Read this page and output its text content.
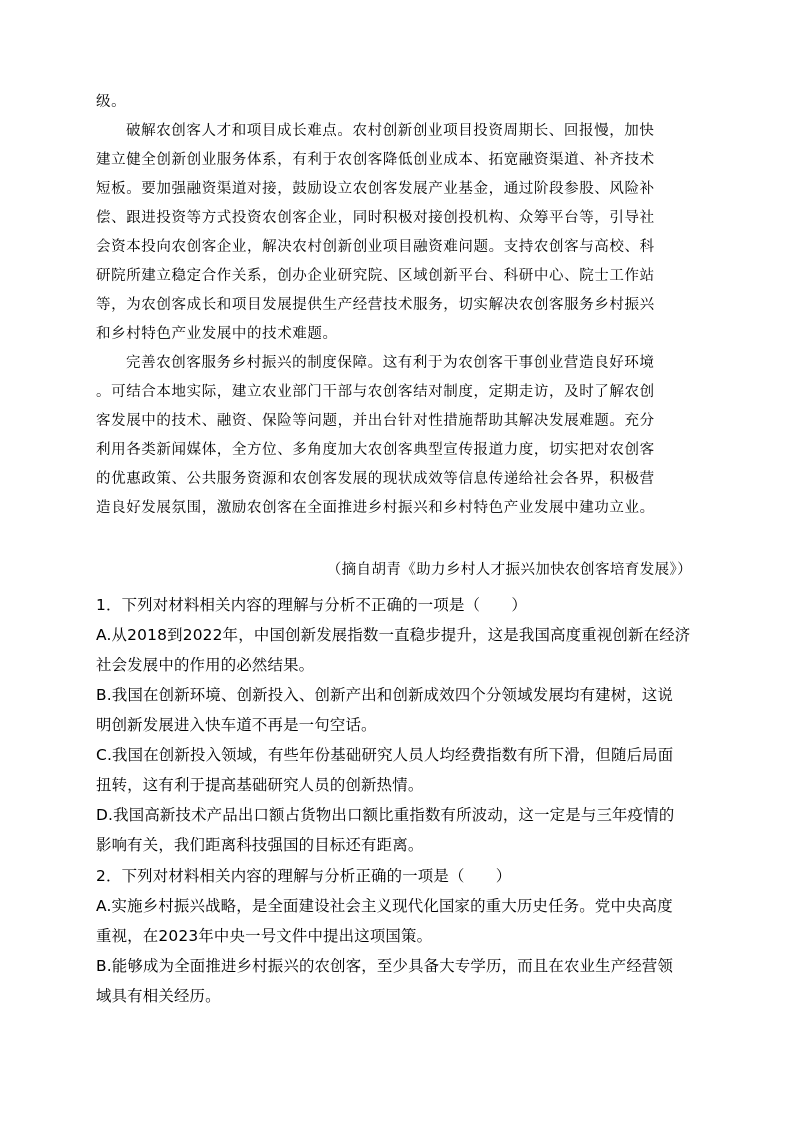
级。
破解农创客人才和项目成长难点。农村创新创业项目投资周期长、回报慢，加快
建立健全创新创业服务体系，有利于农创客降低创业成本、拓宽融资渠道、补齐技术
短板。要加强融资渠道对接，鼓励设立农创客发展产业基金，通过阶段参股、风险补
偿、跟进投资等方式投资农创客企业，同时积极对接创投机构、众筹平台等，引导社
会资本投向农创客企业，解决农村创新创业项目融资难问题。支持农创客与高校、科
研院所建立稳定合作关系，创办企业研究院、区域创新平台、科研中心、院士工作站
等，为农创客成长和项目发展提供生产经营技术服务，切实解决农创客服务乡村振兴
和乡村特色产业发展中的技术难题。
完善农创客服务乡村振兴的制度保障。这有利于为农创客干事创业营造良好环境
。可结合本地实际，建立农业部门干部与农创客结对制度，定期走访，及时了解农创
客发展中的技术、融资、保险等问题，并出台针对性措施帮助其解决发展难题。充分
利用各类新闻媒体，全方位、多角度加大农创客典型宣传报道力度，切实把对农创客
的优惠政策、公共服务资源和农创客发展的现状成效等信息传递给社会各界，积极营
造良好发展氛围，激励农创客在全面推进乡村振兴和乡村特色产业发展中建功立业。
（摘自胡青《助力乡村人才振兴加快农创客培育发展》）
1．下列对材料相关内容的理解与分析不正确的一项是（　　）
A.从2018到2022年，中国创新发展指数一直稳步提升，这是我国高度重视创新在经济
社会发展中的作用的必然结果。
B.我国在创新环境、创新投入、创新产出和创新成效四个分领域发展均有建树，这说
明创新发展进入快车道不再是一句空话。
C.我国在创新投入领域，有些年份基础研究人员人均经费指数有所下滑，但随后局面
扭转，这有利于提高基础研究人员的创新热情。
D.我国高新技术产品出口额占货物出口额比重指数有所波动，这一定是与三年疫情的
影响有关，我们距离科技强国的目标还有距离。
2．下列对材料相关内容的理解与分析正确的一项是（　　）
A.实施乡村振兴战略，是全面建设社会主义现代化国家的重大历史任务。党中央高度
重视，在2023年中央一号文件中提出这项国策。
B.能够成为全面推进乡村振兴的农创客，至少具备大专学历，而且在农业生产经营领
域具有相关经历。
